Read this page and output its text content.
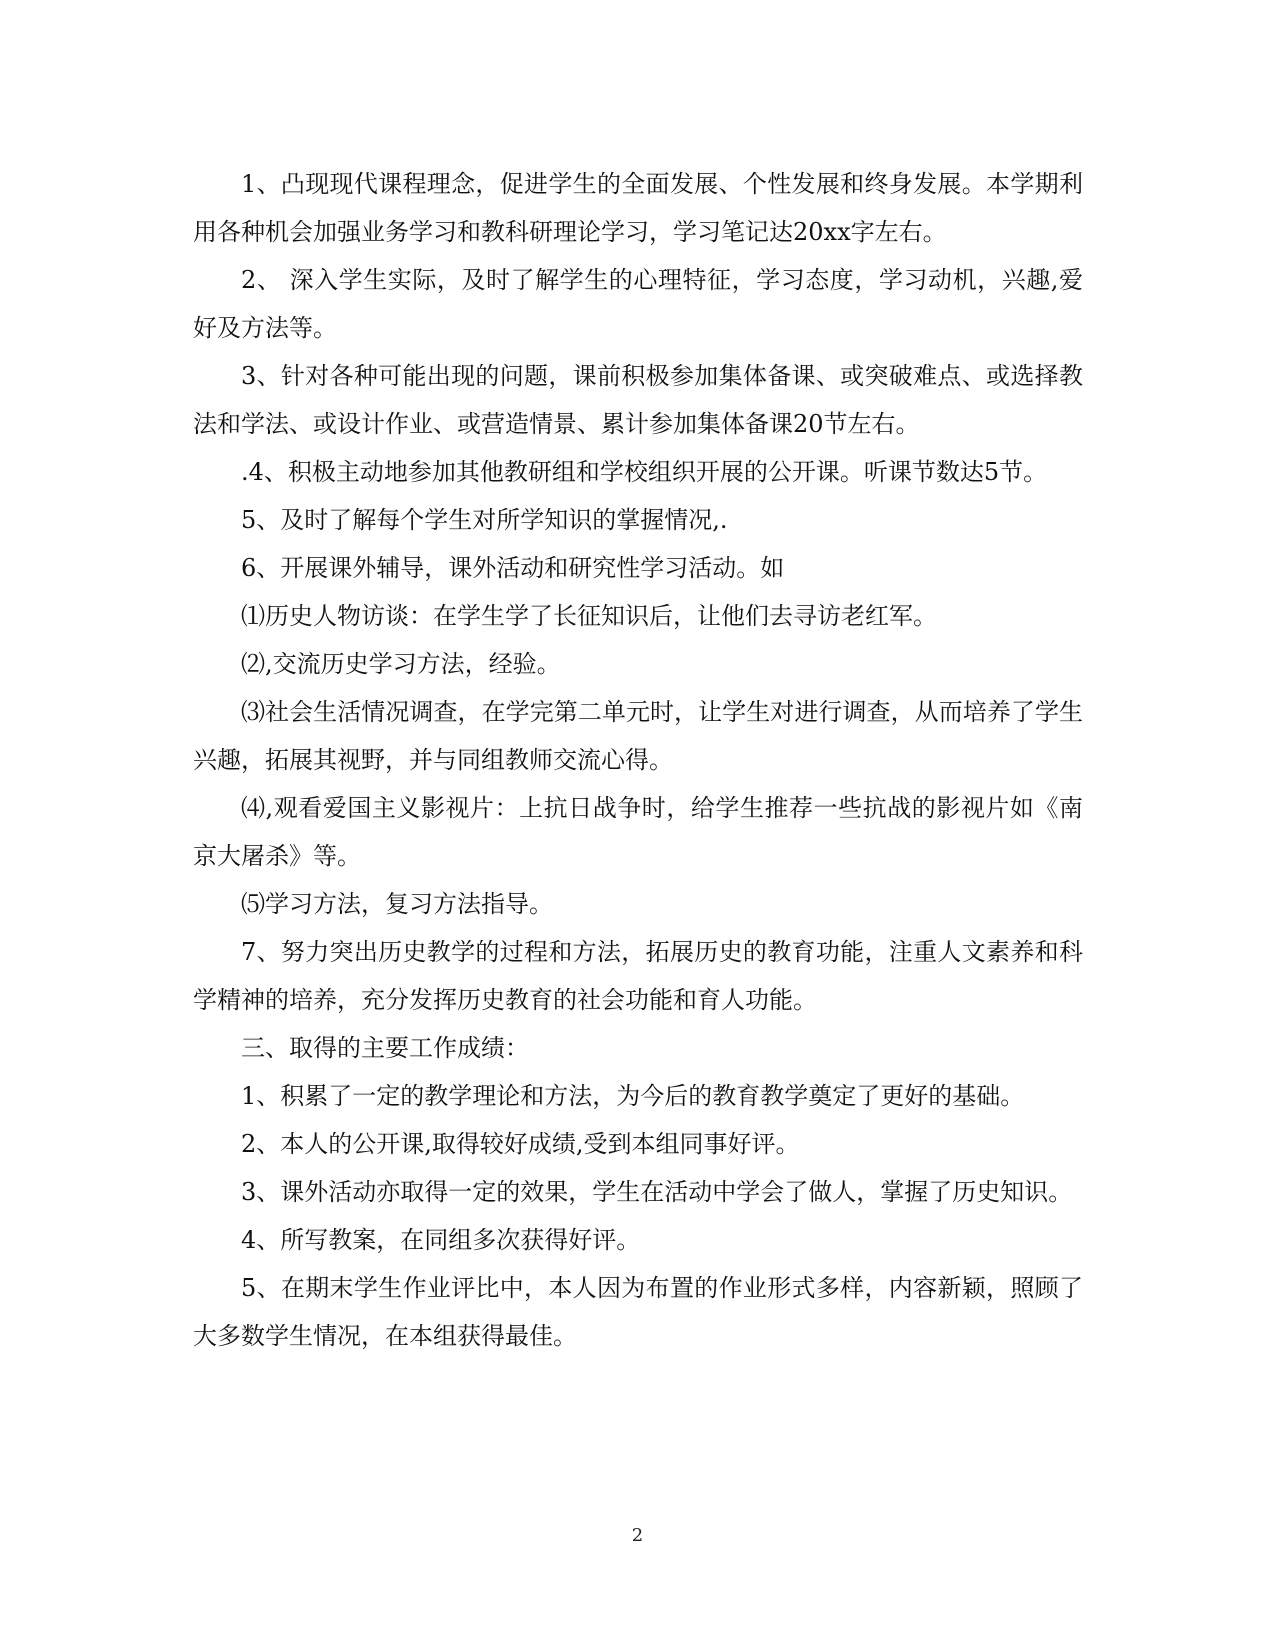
1、凸现现代课程理念，促进学生的全面发展、个性发展和终身发展。本学期利用各种机会加强业务学习和教科研理论学习，学习笔记达20xx字左右。

2、 深入学生实际，及时了解学生的心理特征，学习态度，学习动机，兴趣,爱好及方法等。

3、针对各种可能出现的问题，课前积极参加集体备课、或突破难点、或选择教法和学法、或设计作业、或营造情景、累计参加集体备课20节左右。

.4、积极主动地参加其他教研组和学校组织开展的公开课。听课节数达5节。

5、及时了解每个学生对所学知识的掌握情况,.

6、开展课外辅导，课外活动和研究性学习活动。如

⑴历史人物访谈：在学生学了长征知识后，让他们去寻访老红军。

⑵,交流历史学习方法，经验。

⑶社会生活情况调查，在学完第二单元时，让学生对进行调查，从而培养了学生兴趣，拓展其视野，并与同组教师交流心得。

⑷,观看爱国主义影视片：上抗日战争时，给学生推荐一些抗战的影视片如《南京大屠杀》等。

⑸学习方法，复习方法指导。

7、努力突出历史教学的过程和方法，拓展历史的教育功能，注重人文素养和科学精神的培养，充分发挥历史教育的社会功能和育人功能。

三、取得的主要工作成绩：

1、积累了一定的教学理论和方法，为今后的教育教学奠定了更好的基础。

2、本人的公开课,取得较好成绩,受到本组同事好评。

3、课外活动亦取得一定的效果，学生在活动中学会了做人，掌握了历史知识。

4、所写教案，在同组多次获得好评。

5、在期末学生作业评比中，本人因为布置的作业形式多样，内容新颖，照顾了大多数学生情况，在本组获得最佳。

2
